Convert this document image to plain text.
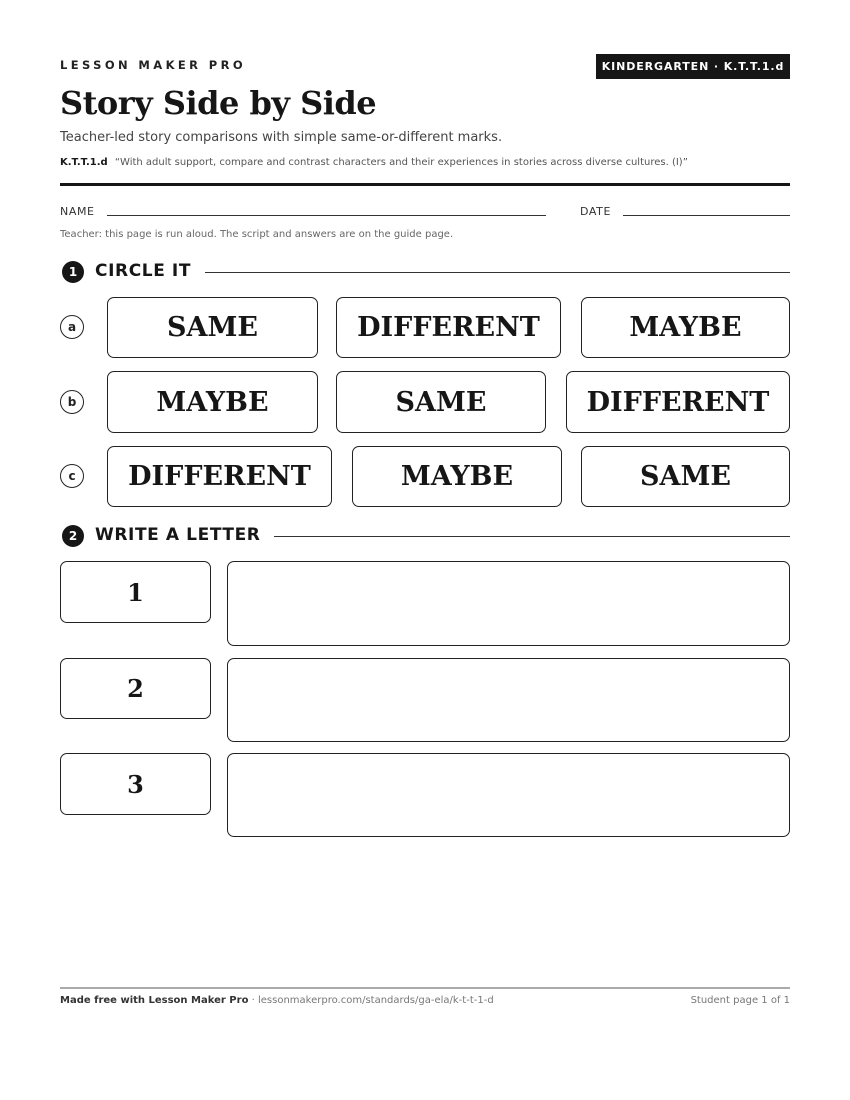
LESSON MAKER PRO	KINDERGARTEN · K.T.T.1.d
Story Side by Side
Teacher-led story comparisons with simple same-or-different marks.
K.T.T.1.d “With adult support, compare and contrast characters and their experiences in stories across diverse cultures. (I)”
NAME	DATE
Teacher: this page is run aloud. The script and answers are on the guide page.
1	CIRCLE IT
a	SAME	DIFFERENT	MAYBE
b	MAYBE	SAME	DIFFERENT
c	DIFFERENT	MAYBE	SAME
2	WRITE A LETTER
1
2
3
Made free with Lesson Maker Pro · lessonmakerpro.com/standards/ga-ela/k-t-t-1-d	Student page 1 of 1
